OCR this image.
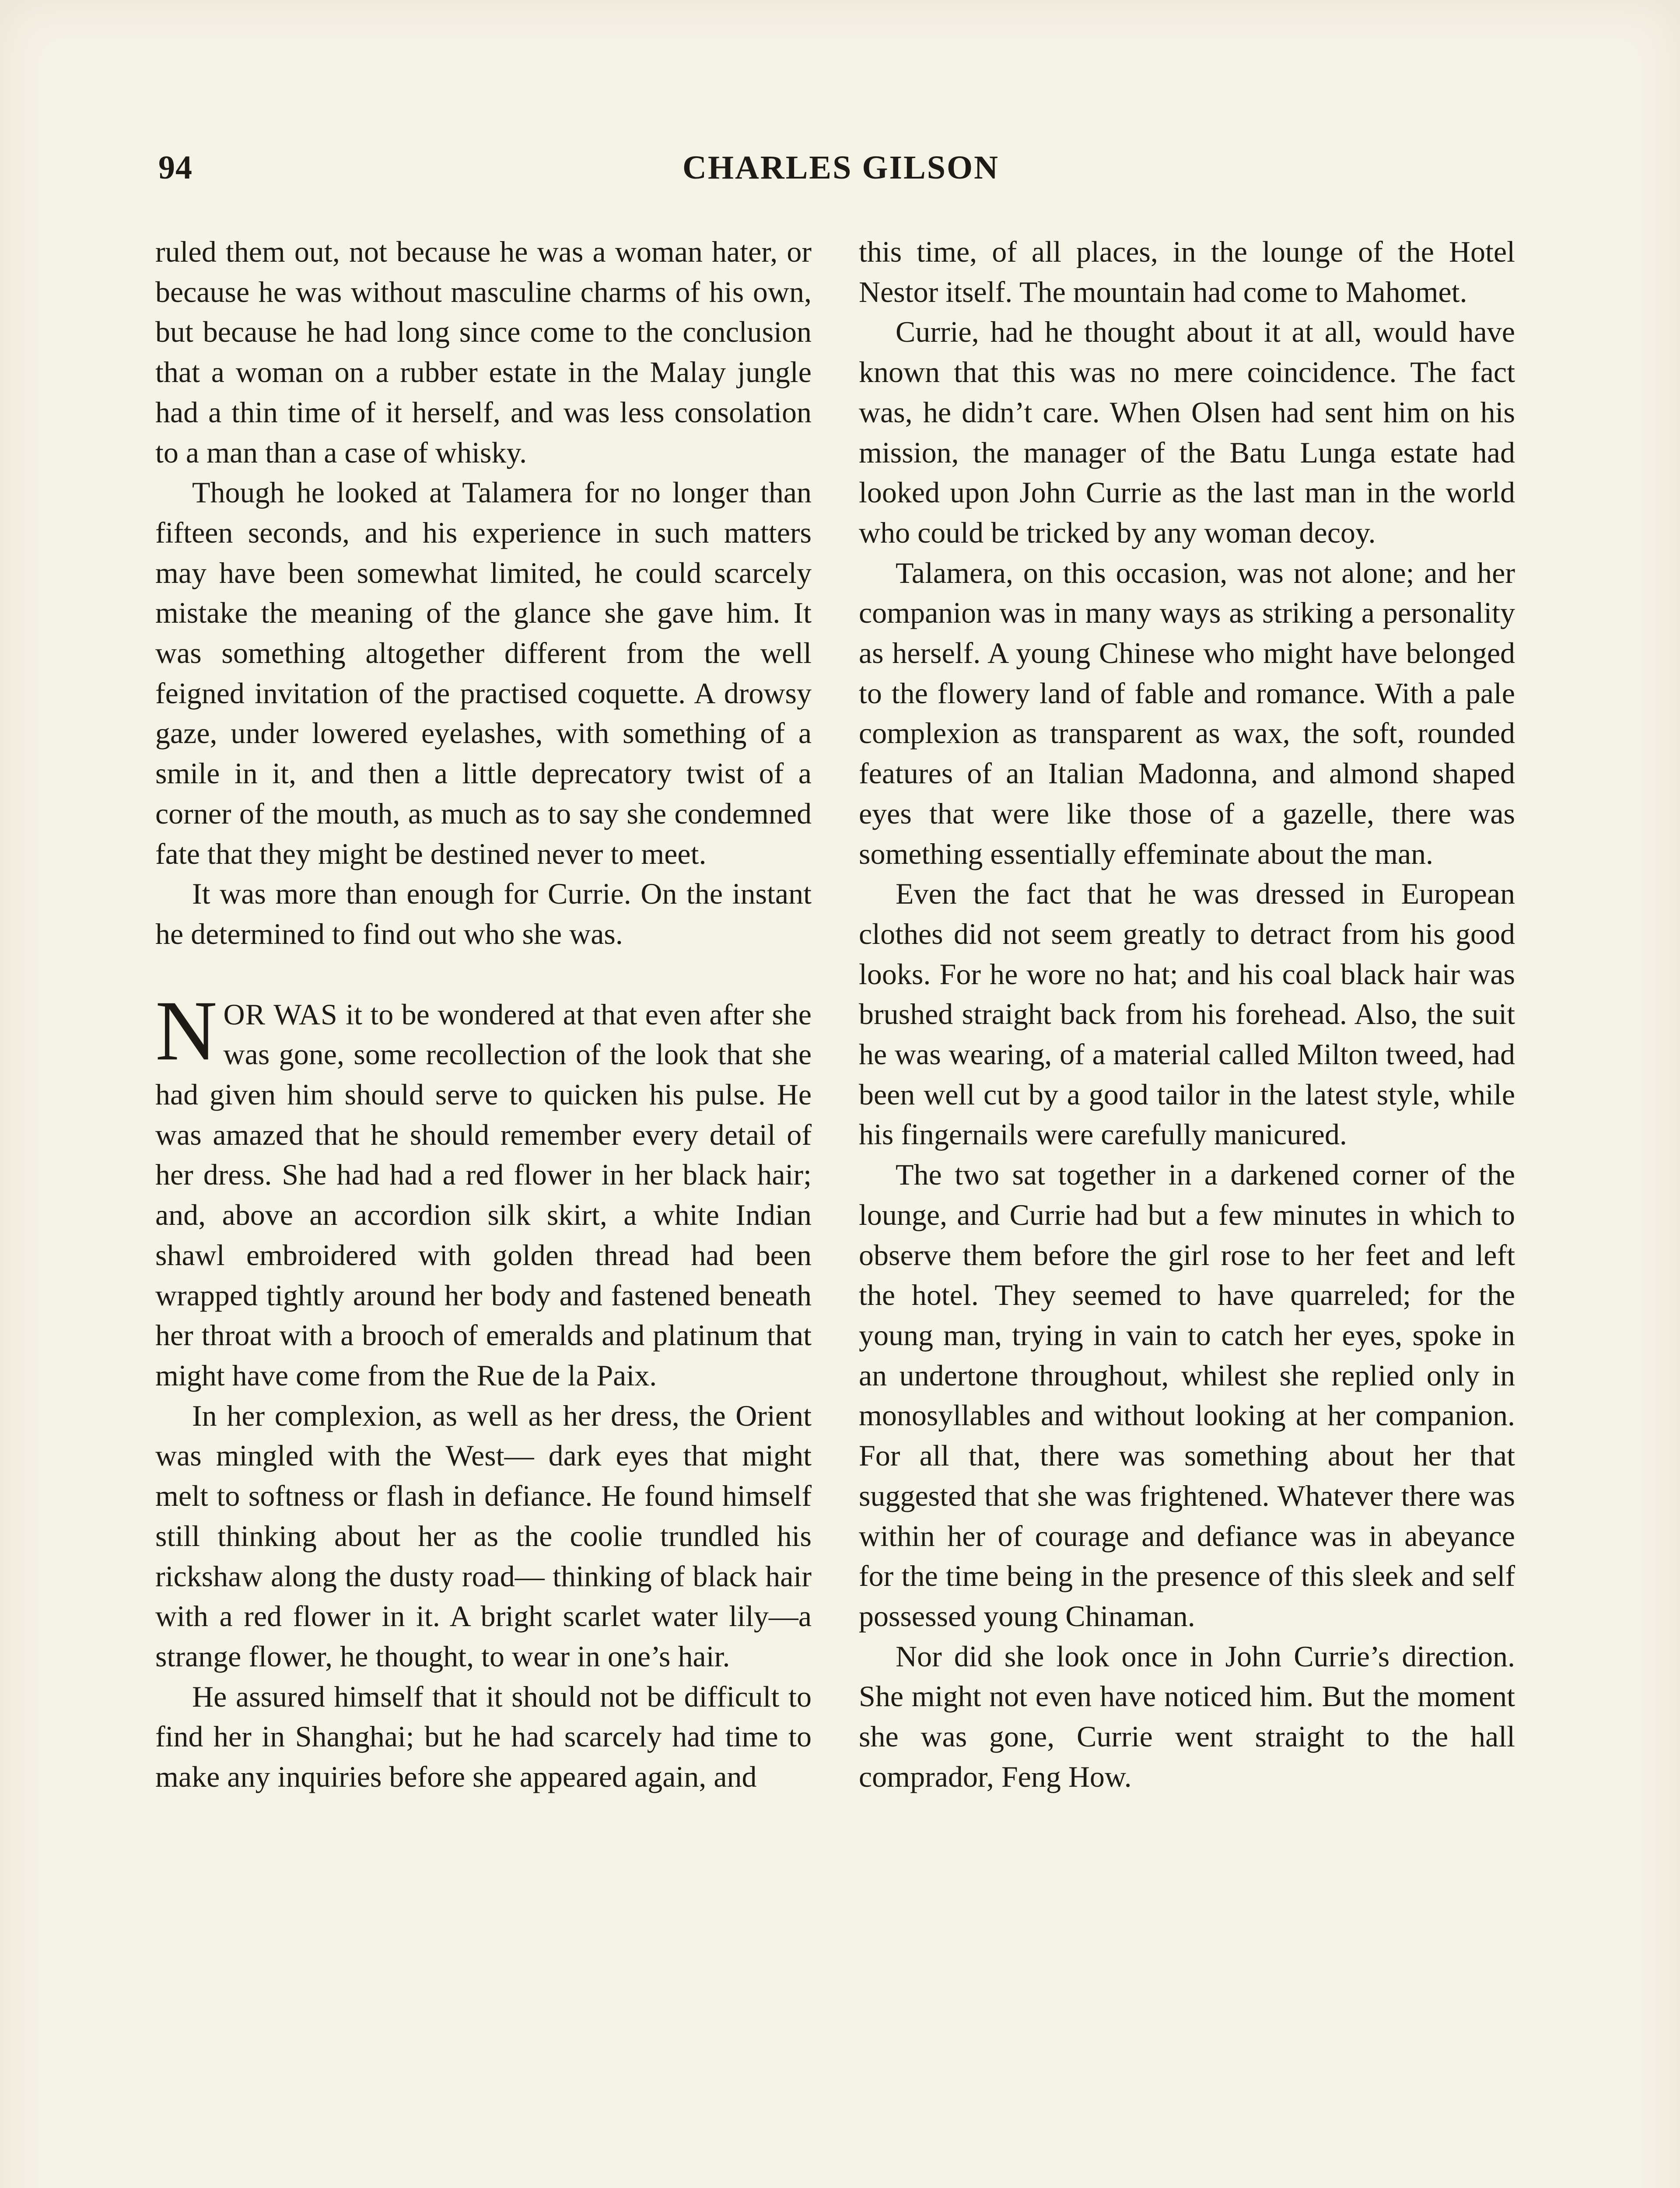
94	CHARLES GILSON

ruled them out, not because he was a woman hater, or because he was without masculine charms of his own, but because he had long since come to the conclusion that a woman on a rubber estate in the Malay jungle had a thin time of it herself, and was less consolation to a man than a case of whisky.

Though he looked at Talamera for no longer than fifteen seconds, and his experience in such matters may have been somewhat limited, he could scarcely mistake the meaning of the glance she gave him. It was something altogether different from the well feigned invitation of the practised coquette. A drowsy gaze, under lowered eyelashes, with something of a smile in it, and then a little deprecatory twist of a corner of the mouth, as much as to say she condemned fate that they might be destined never to meet.

It was more than enough for Currie. On the instant he determined to find out who she was.

NOR WAS it to be wondered at that even after she was gone, some recollection of the look that she had given him should serve to quicken his pulse. He was amazed that he should remember every detail of her dress. She had had a red flower in her black hair; and, above an accordion silk skirt, a white Indian shawl embroidered with golden thread had been wrapped tightly around her body and fastened beneath her throat with a brooch of emeralds and platinum that might have come from the Rue de la Paix.

In her complexion, as well as her dress, the Orient was mingled with the West— dark eyes that might melt to softness or flash in defiance. He found himself still thinking about her as the coolie trundled his rickshaw along the dusty road— thinking of black hair with a red flower in it. A bright scarlet water lily—a strange flower, he thought, to wear in one’s hair.

He assured himself that it should not be difficult to find her in Shanghai; but he had scarcely had time to make any inquiries before she appeared again, and

this time, of all places, in the lounge of the Hotel Nestor itself. The mountain had come to Mahomet.

Currie, had he thought about it at all, would have known that this was no mere coincidence. The fact was, he didn’t care. When Olsen had sent him on his mission, the manager of the Batu Lunga estate had looked upon John Currie as the last man in the world who could be tricked by any woman decoy.

Talamera, on this occasion, was not alone; and her companion was in many ways as striking a personality as herself. A young Chinese who might have belonged to the flowery land of fable and romance. With a pale complexion as transparent as wax, the soft, rounded features of an Italian Madonna, and almond shaped eyes that were like those of a gazelle, there was something essentially effeminate about the man.

Even the fact that he was dressed in European clothes did not seem greatly to detract from his good looks. For he wore no hat; and his coal black hair was brushed straight back from his forehead. Also, the suit he was wearing, of a material called Milton tweed, had been well cut by a good tailor in the latest style, while his fingernails were carefully manicured.

The two sat together in a darkened corner of the lounge, and Currie had but a few minutes in which to observe them before the girl rose to her feet and left the hotel. They seemed to have quarreled; for the young man, trying in vain to catch her eyes, spoke in an undertone throughout, whilest she replied only in monosyllables and without looking at her companion. For all that, there was something about her that suggested that she was frightened. Whatever there was within her of courage and defiance was in abeyance for the time being in the presence of this sleek and self possessed young Chinaman.

Nor did she look once in John Currie’s direction. She might not even have noticed him. But the moment she was gone, Currie went straight to the hall comprador, Feng How.
